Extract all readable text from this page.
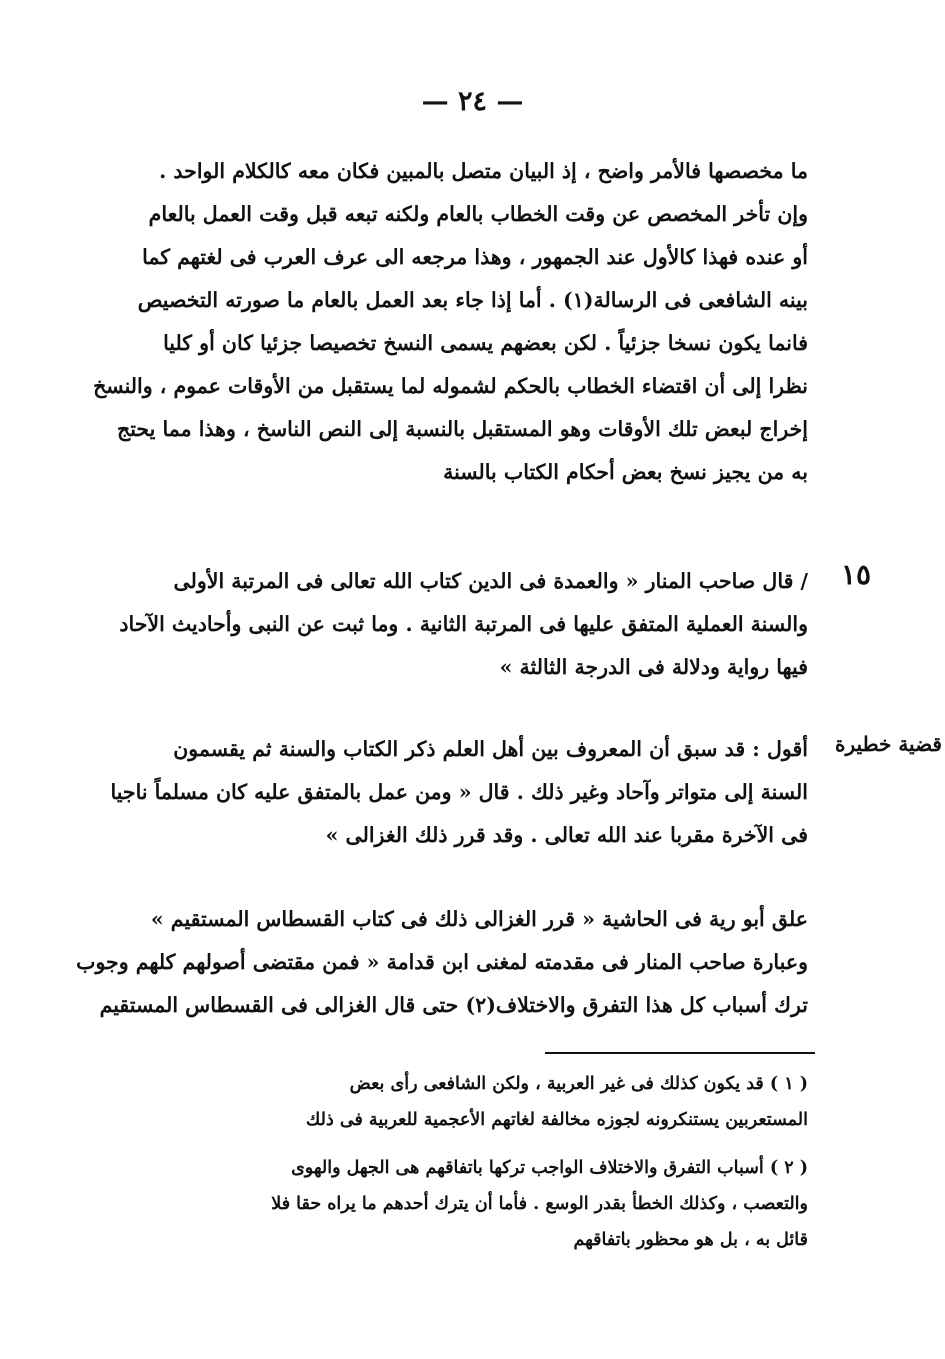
— ٢٤ —
ما مخصصها فالأمر واضح ، إذ البيان متصل بالمبين فكان معه كالكلام الواحد .
وإن تأخر المخصص عن وقت الخطاب بالعام ولكنه تبعه قبل وقت العمل بالعام
أو عنده فهذا كالأول عند الجمهور ، وهذا مرجعه الى عرف العرب فى لغتهم كما
بينه الشافعى فى الرسالة(١) . أما إذا جاء بعد العمل بالعام ما صورته التخصيص
فانما يكون نسخا جزئياً . لكن بعضهم يسمى النسخ تخصيصا جزئيا كان أو كليا
نظرا إلى أن اقتضاء الخطاب بالحكم لشموله لما يستقبل من الأوقات عموم ، والنسخ
إخراج لبعض تلك الأوقات وهو المستقبل بالنسبة إلى النص الناسخ ، وهذا مما يحتج
به من يجيز نسخ بعض أحكام الكتاب بالسنة
١٥
/ قال صاحب المنار « والعمدة فى الدين كتاب الله تعالى فى المرتبة الأولى
والسنة العملية المتفق عليها فى المرتبة الثانية . وما ثبت عن النبى وأحاديث الآحاد
فيها رواية ودلالة فى الدرجة الثالثة »
قضية خطيرة
أقول : قد سبق أن المعروف بين أهل العلم ذكر الكتاب والسنة ثم يقسمون
السنة إلى متواتر وآحاد وغير ذلك . قال « ومن عمل بالمتفق عليه كان مسلماً ناجيا
فى الآخرة مقربا عند الله تعالى . وقد قرر ذلك الغزالى »
علق أبو رية فى الحاشية « قرر الغزالى ذلك فى كتاب القسطاس المستقيم »
وعبارة صاحب المنار فى مقدمته لمغنى ابن قدامة « فمن مقتضى أصولهم كلهم وجوب
ترك أسباب كل هذا التفرق والاختلاف(٢) حتى قال الغزالى فى القسطاس المستقيم
( ١ ) قد يكون كذلك فى غير العربية ، ولكن الشافعى رأى بعض
المستعربين يستنكرونه لجوزه مخالفة لغاتهم الأعجمية للعربية فى ذلك
( ٢ ) أسباب التفرق والاختلاف الواجب تركها باتفاقهم هى الجهل والهوى
والتعصب ، وكذلك الخطأ بقدر الوسع . فأما أن يترك أحدهم ما يراه حقا فلا
قائل به ، بل هو محظور باتفاقهم
